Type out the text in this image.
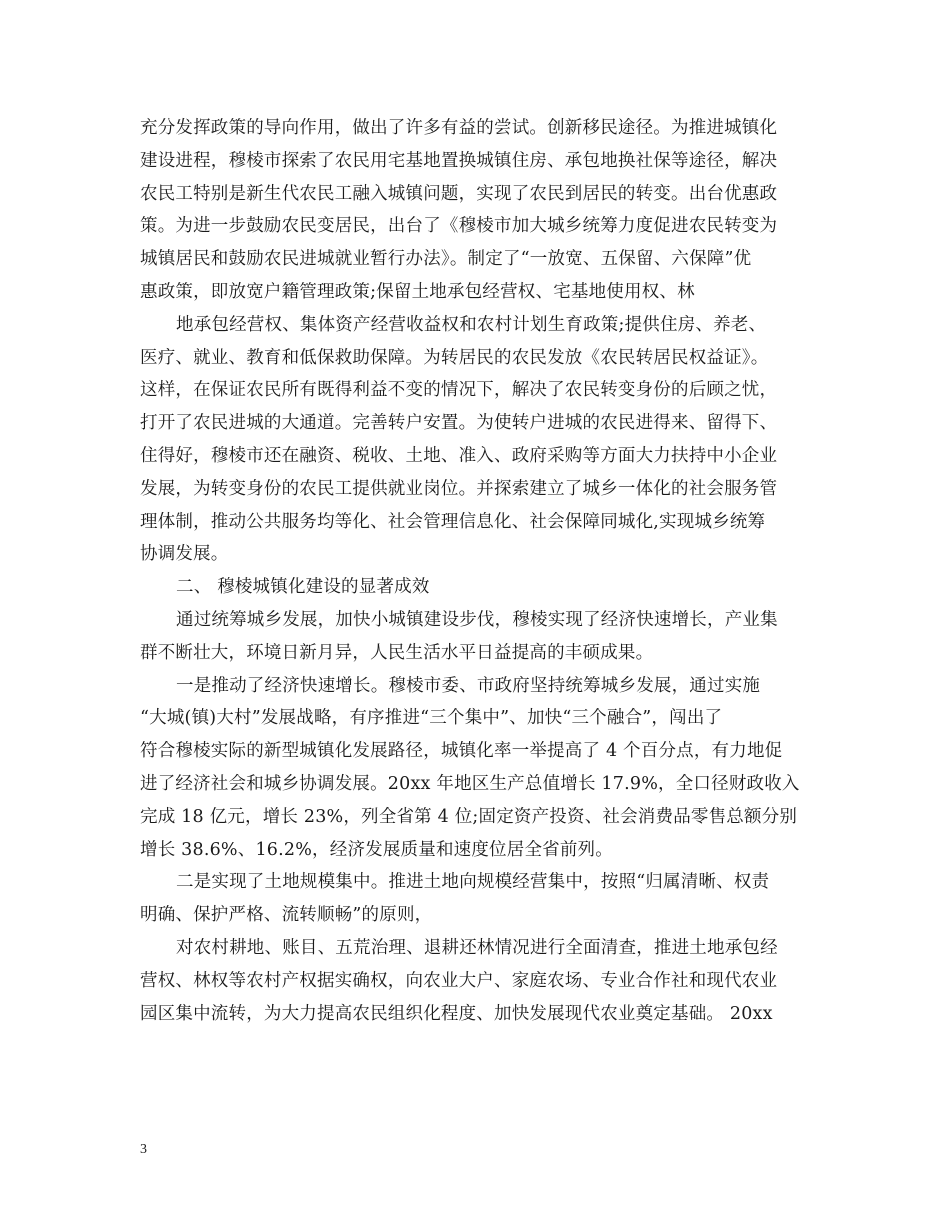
充分发挥政策的导向作用，做出了许多有益的尝试。创新移民途径。为推进城镇化
建设进程，穆棱市探索了农民用宅基地置换城镇住房、承包地换社保等途径，解决
农民工特别是新生代农民工融入城镇问题，实现了农民到居民的转变。出台优惠政
策。为进一步鼓励农民变居民，出台了《穆棱市加大城乡统筹力度促进农民转变为
城镇居民和鼓励农民进城就业暂行办法》。制定了“一放宽、五保留、六保障”优
惠政策，即放宽户籍管理政策;保留土地承包经营权、宅基地使用权、林
地承包经营权、集体资产经营收益权和农村计划生育政策;提供住房、养老、
医疗、就业、教育和低保救助保障。为转居民的农民发放《农民转居民权益证》。
这样，在保证农民所有既得利益不变的情况下，解决了农民转变身份的后顾之忧，
打开了农民进城的大通道。完善转户安置。为使转户进城的农民进得来、留得下、
住得好，穆棱市还在融资、税收、土地、准入、政府采购等方面大力扶持中小企业
发展，为转变身份的农民工提供就业岗位。并探索建立了城乡一体化的社会服务管
理体制，推动公共服务均等化、社会管理信息化、社会保障同城化,实现城乡统筹
协调发展。
二、 穆棱城镇化建设的显著成效
通过统筹城乡发展，加快小城镇建设步伐，穆棱实现了经济快速增长，产业集
群不断壮大，环境日新月异，人民生活水平日益提高的丰硕成果。
一是推动了经济快速增长。穆棱市委、市政府坚持统筹城乡发展，通过实施
“大城(镇)大村”发展战略，有序推进“三个集中”、加快“三个融合”，闯出了
符合穆棱实际的新型城镇化发展路径，城镇化率一举提高了 4 个百分点，有力地促
进了经济社会和城乡协调发展。20xx 年地区生产总值增长 17.9%，全口径财政收入
完成 18 亿元，增长 23%，列全省第 4 位;固定资产投资、社会消费品零售总额分别
增长 38.6%、16.2%，经济发展质量和速度位居全省前列。
二是实现了土地规模集中。推进土地向规模经营集中，按照“归属清晰、权责
明确、保护严格、流转顺畅”的原则，
对农村耕地、账目、五荒治理、退耕还林情况进行全面清查，推进土地承包经
营权、林权等农村产权据实确权，向农业大户、家庭农场、专业合作社和现代农业
园区集中流转，为大力提高农民组织化程度、加快发展现代农业奠定基础。 20xx
3
